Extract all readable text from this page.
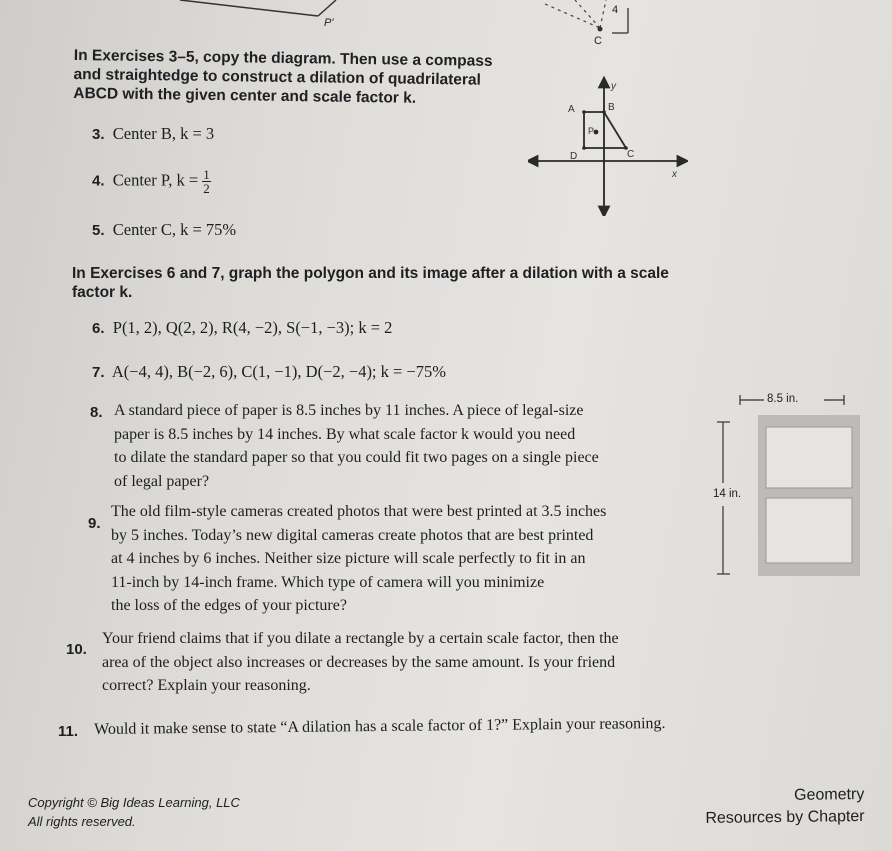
P'
C
4
In Exercises 3–5, copy the diagram. Then use a compass
and straightedge to construct a dilation of quadrilateral
ABCD with the given center and scale factor k.
3. Center B, k = 3
4. Center P, $k = \frac{1}{2}$
5. Center C, k = 75%
y
x
A	B
P
C
D
In Exercises 6 and 7, graph the polygon and its image after a dilation with a scale
factor k.
6. P(1, 2), Q(2, 2), R(4, −2), S(−1, −3); k = 2
7. A(−4, 4), B(−2, 6), C(1, −1), D(−2, −4); k = −75%
8. A standard piece of paper is 8.5 inches by 11 inches. A piece of legal-size
paper is 8.5 inches by 14 inches. By what scale factor k would you need
to dilate the standard paper so that you could fit two pages on a single piece
of legal paper?
8.5 in.
14 in.
9.
The old film-style cameras created photos that were best printed at 3.5 inches
by 5 inches. Today’s new digital cameras create photos that are best printed
at 4 inches by 6 inches. Neither size picture will scale perfectly to fit in an
11-inch by 14-inch frame. Which type of camera will you minimize
the loss of the edges of your picture?
10.
Your friend claims that if you dilate a rectangle by a certain scale factor, then the
area of the object also increases or decreases by the same amount. Is your friend
correct? Explain your reasoning.
11. Would it make sense to state “A dilation has a scale factor of 1?” Explain your reasoning.
Copyright © Big Ideas Learning, LLC
All rights reserved.
Geometry
Resources by Chapter
